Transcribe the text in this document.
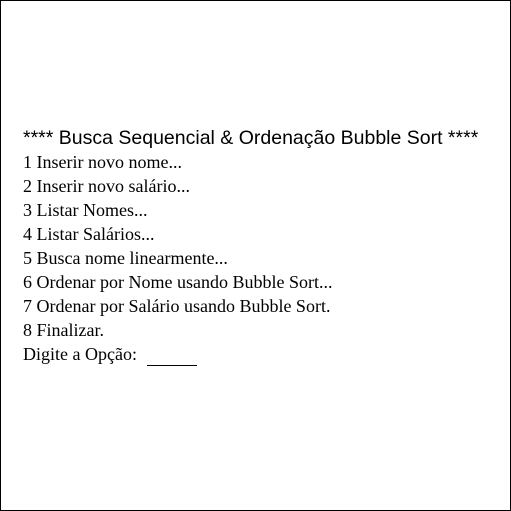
**** Busca Sequencial & Ordenação Bubble Sort ****
1 Inserir novo nome...
2 Inserir novo salário...
3 Listar Nomes...
4 Listar Salários...
5 Busca nome linearmente...
6 Ordenar por Nome usando Bubble Sort...
7 Ordenar por Salário usando Bubble Sort.
8 Finalizar.
Digite a Opção:
